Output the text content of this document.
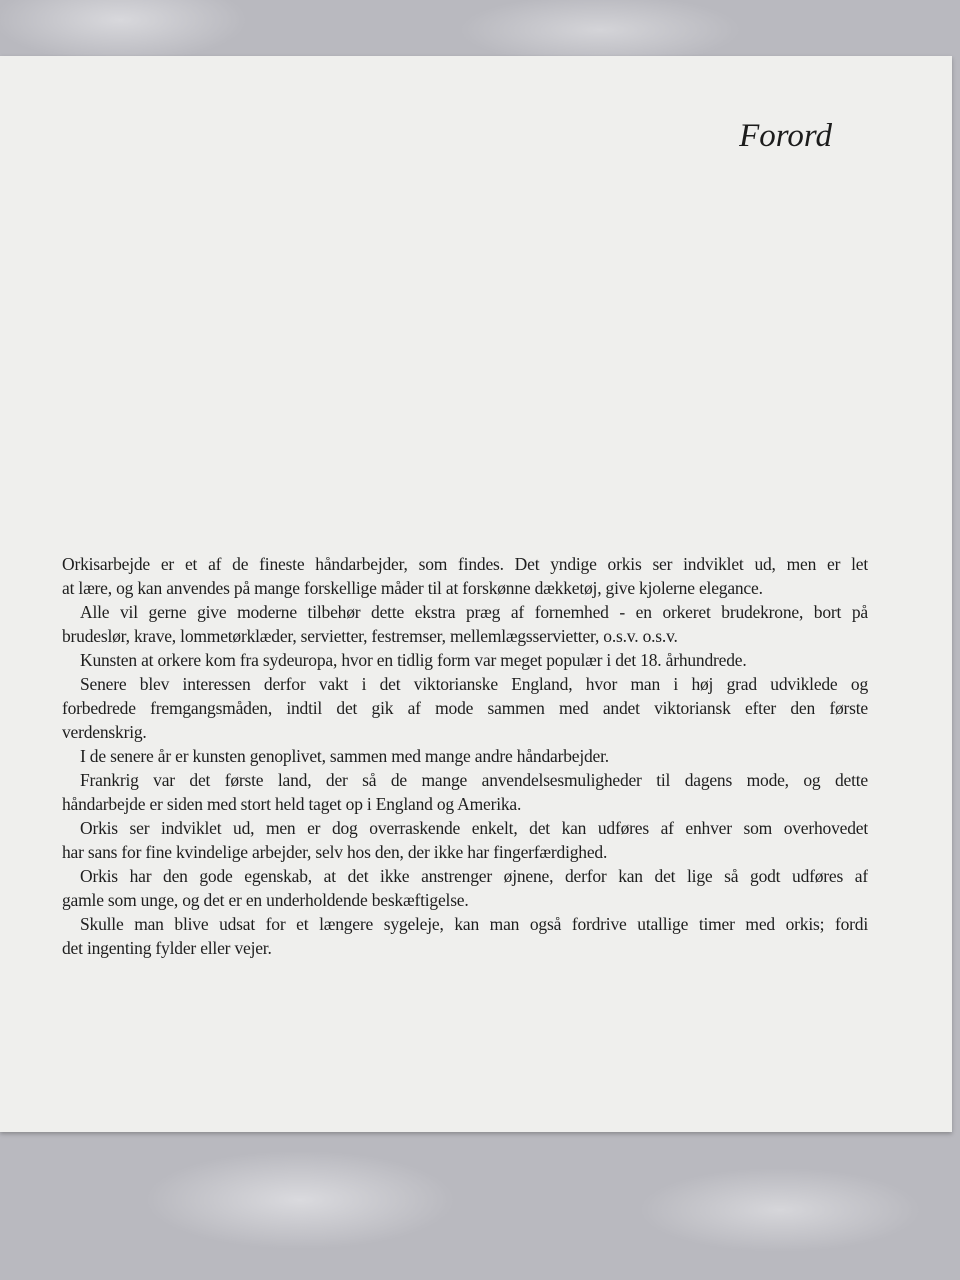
Forord
Orkisarbejde er et af de fineste håndarbejder, som findes. Det yndige orkis ser indviklet ud, men er let
at lære, og kan anvendes på mange forskellige måder til at forskønne dækketøj, give kjolerne elegance.
Alle vil gerne give moderne tilbehør dette ekstra præg af fornemhed - en orkeret brudekrone, bort på
brudeslør, krave, lommetørklæder, servietter, festremser, mellemlægsservietter, o.s.v. o.s.v.
Kunsten at orkere kom fra sydeuropa, hvor en tidlig form var meget populær i det 18. århundrede.
Senere blev interessen derfor vakt i det viktorianske England, hvor man i høj grad udviklede og
forbedrede fremgangsmåden, indtil det gik af mode sammen med andet viktoriansk efter den første
verdenskrig.
I de senere år er kunsten genoplivet, sammen med mange andre håndarbejder.
Frankrig var det første land, der så de mange anvendelsesmuligheder til dagens mode, og dette
håndarbejde er siden med stort held taget op i England og Amerika.
Orkis ser indviklet ud, men er dog overraskende enkelt, det kan udføres af enhver som overhovedet
har sans for fine kvindelige arbejder, selv hos den, der ikke har fingerfærdighed.
Orkis har den gode egenskab, at det ikke anstrenger øjnene, derfor kan det lige så godt udføres af
gamle som unge, og det er en underholdende beskæftigelse.
Skulle man blive udsat for et længere sygeleje, kan man også fordrive utallige timer med orkis; fordi
det ingenting fylder eller vejer.
